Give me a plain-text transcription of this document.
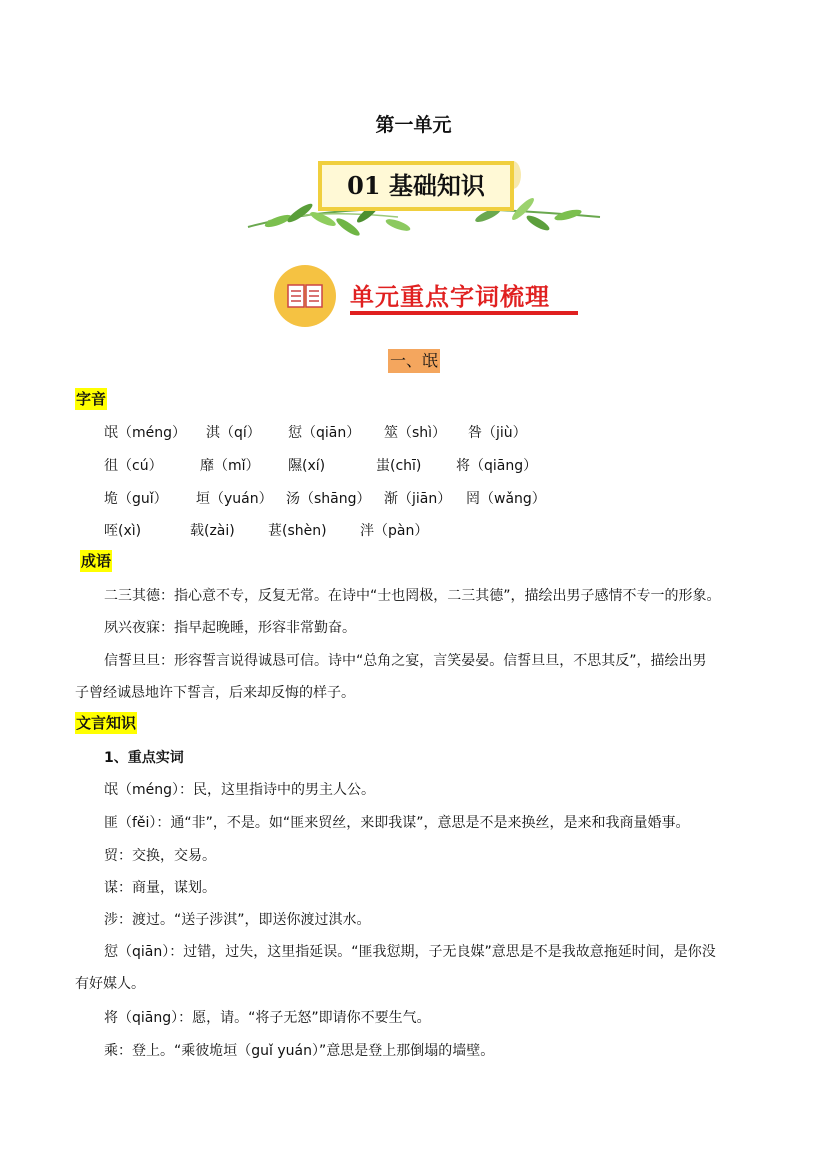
第一单元
01 基础知识
单元重点字词梳理
一、氓
字音
氓（méng） 淇（qí） 愆（qiān） 筮（shì） 咎（jiù）
徂（cú）	靡（mǐ） 隰(xí)	蚩(chī) 将（qiāng）
垝（guǐ） 垣（yuán） 汤（shāng） 渐（jiān） 罔（wǎng）
咥(xì)	载(zài) 葚(shèn) 泮（pàn）
成语
二三其德：指心意不专，反复无常。在诗中“士也罔极，二三其德”，描绘出男子感情不专一的形象。
夙兴夜寐：指早起晚睡，形容非常勤奋。
信誓旦旦：形容誓言说得诚恳可信。诗中“总角之宴，言笑晏晏。信誓旦旦，不思其反”，描绘出男
子曾经诚恳地许下誓言，后来却反悔的样子。
文言知识
1、重点实词
氓（méng）：民，这里指诗中的男主人公。
匪（fěi）：通“非”，不是。如“匪来贸丝，来即我谋”，意思是不是来换丝，是来和我商量婚事。
贸：交换，交易。
谋：商量，谋划。
涉：渡过。“送子涉淇”，即送你渡过淇水。
愆（qiān）：过错，过失，这里指延误。“匪我愆期，子无良媒”意思是不是我故意拖延时间，是你没
有好媒人。
将（qiāng）：愿，请。“将子无怒”即请你不要生气。
乘：登上。“乘彼垝垣（guǐ yuán）”意思是登上那倒塌的墙壁。
